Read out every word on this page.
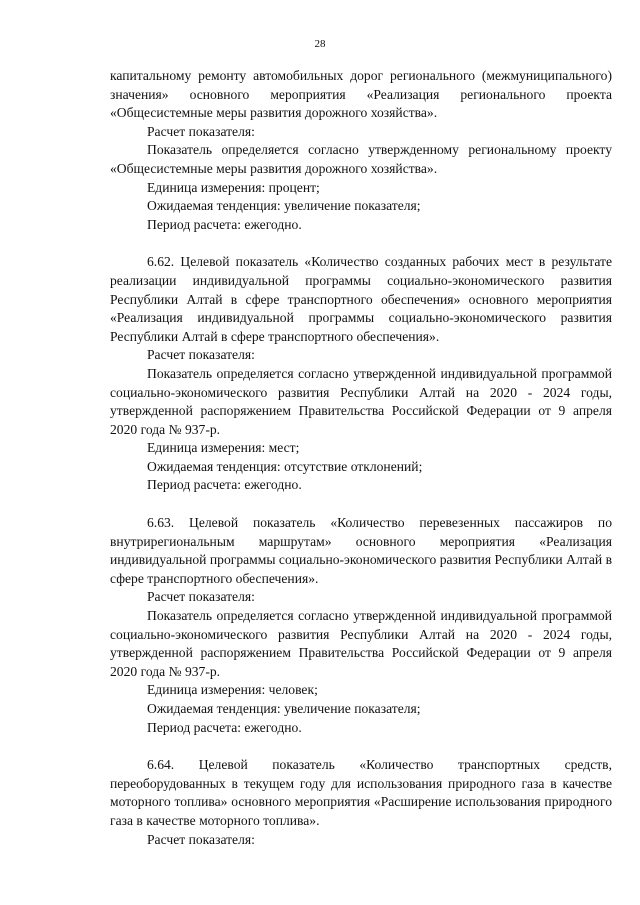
28

капитальному ремонту автомобильных дорог регионального (межмуниципального) значения» основного мероприятия «Реализация регионального проекта «Общесистемные меры развития дорожного хозяйства».

Расчет показателя:

Показатель определяется согласно утвержденному региональному проекту «Общесистемные меры развития дорожного хозяйства».

Единица измерения: процент;

Ожидаемая тенденция: увеличение показателя;

Период расчета: ежегодно.

6.62. Целевой показатель «Количество созданных рабочих мест в результате реализации индивидуальной программы социально-экономического развития Республики Алтай в сфере транспортного обеспечения» основного мероприятия «Реализация индивидуальной программы социально-экономического развития Республики Алтай в сфере транспортного обеспечения».

Расчет показателя:

Показатель определяется согласно утвержденной индивидуальной программой социально-экономического развития Республики Алтай на 2020 - 2024 годы, утвержденной распоряжением Правительства Российской Федерации от 9 апреля 2020 года № 937-р.

Единица измерения: мест;

Ожидаемая тенденция: отсутствие отклонений;

Период расчета: ежегодно.

6.63. Целевой показатель «Количество перевезенных пассажиров по внутрирегиональным маршрутам» основного мероприятия «Реализация индивидуальной программы социально-экономического развития Республики Алтай в сфере транспортного обеспечения».

Расчет показателя:

Показатель определяется согласно утвержденной индивидуальной программой социально-экономического развития Республики Алтай на 2020 - 2024 годы, утвержденной распоряжением Правительства Российской Федерации от 9 апреля 2020 года № 937-р.

Единица измерения: человек;

Ожидаемая тенденция: увеличение показателя;

Период расчета: ежегодно.

6.64. Целевой показатель «Количество транспортных средств, переоборудованных в текущем году для использования природного газа в качестве моторного топлива» основного мероприятия «Расширение использования природного газа в качестве моторного топлива».

Расчет показателя:
